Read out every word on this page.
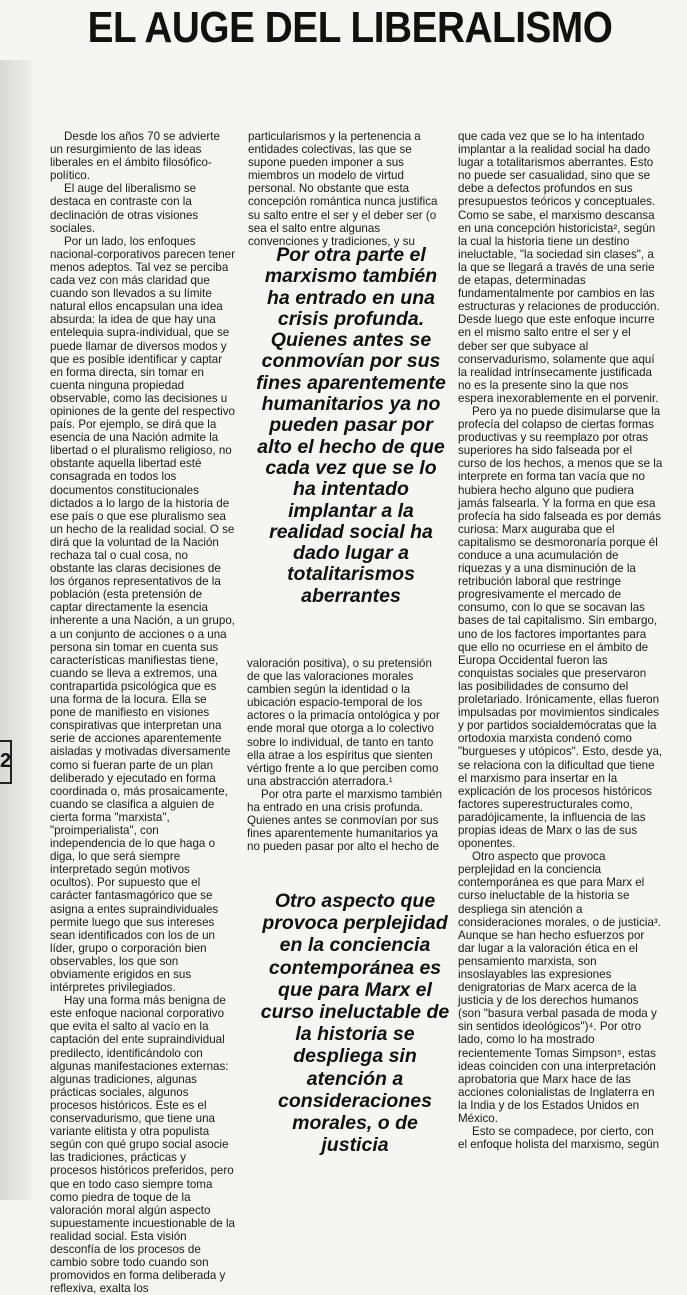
EL AUGE DEL LIBERALISMO
2

Desde los años 70 se advierte un resurgimiento de las ideas liberales en el ámbito filosófico-político.

El auge del liberalismo se destaca en contraste con la declinación de otras visiones sociales.

Por un lado, los enfoques nacional-corporativos parecen tener menos adeptos. Tal vez se perciba cada vez con más claridad que cuando son llevados a su límite natural ellos encapsulan una idea absurda: la idea de que hay una entelequia supra-individual, que se puede llamar de diversos modos y que es posible identificar y captar en forma directa, sin tomar en cuenta ninguna propiedad observable, como las decisiones u opiniones de la gente del respectivo país. Por ejemplo, se dirá que la esencia de una Nación admite la libertad o el pluralismo religioso, no obstante aquella libertad esté consagrada en todos los documentos constitucionales dictados a lo largo de la historia de ese país o que ese pluralismo sea un hecho de la realidad social. O se dirá que la voluntad de la Nación rechaza tal o cual cosa, no obstante las claras decisiones de los órganos representativos de la población (esta pretensión de captar directamente la esencia inherente a una Nación, a un grupo, a un conjunto de acciones o a una persona sin tomar en cuenta sus características manifiestas tiene, cuando se lleva a extremos, una contrapartida psicológica que es una forma de la locura. Ella se pone de manifiesto en visiones conspirativas que interpretan una serie de acciones aparentemente aisladas y motivadas diversamente como si fueran parte de un plan deliberado y ejecutado en forma coordinada o, más prosaicamente, cuando se clasifica a alguien de cierta forma "marxista", "proimperialista", con independencia de lo que haga o diga, lo que será siempre interpretado según motivos ocultos). Por supuesto que el carácter fantasmagórico que se asigna a entes supraindividuales permite luego que sus intereses sean identificados con los de un líder, grupo o corporación bien observables, los que son obviamente erigidos en sus intérpretes privilegiados.

Hay una forma más benigna de este enfoque nacional corporativo que evita el salto al vacío en la captación del ente supraindividual predilecto, identificándolo con algunas manifestaciones externas: algunas tradiciones, algunas prácticas sociales, algunos procesos históricos. Este es el conservadurismo, que tiene una variante elitista y otra populista según con qué grupo social asocie las tradiciones, prácticas y procesos históricos preferidos, pero que en todo caso siempre toma como piedra de toque de la valoración moral algún aspecto supuestamente incuestionable de la realidad social. Esta visión desconfía de los procesos de cambio sobre todo cuando son promovidos en forma deliberada y reflexiva, exalta los

particularismos y la pertenencia a entidades colectivas, las que se supone pueden imponer a sus miembros un modelo de virtud personal. No obstante que esta concepción romántica nunca justifica su salto entre el ser y el deber ser (o sea el salto entre algunas convenciones y tradiciones, y su

Por otra parte el marxismo también ha entrado en una crisis profunda. Quienes antes se conmovían por sus fines aparentemente humanitarios ya no pueden pasar por alto el hecho de que cada vez que se lo ha intentado implantar a la realidad social ha dado lugar a totalitarismos aberrantes

valoración positiva), o su pretensión de que las valoraciones morales cambien según la identidad o la ubicación espacio-temporal de los actores o la primacía ontológica y por ende moral que otorga a lo colectivo sobre lo individual, de tanto en tanto ella atrae a los espíritus que sienten vértigo frente a lo que perciben como una abstracción aterradora.¹

Por otra parte el marxismo también ha entrado en una crisis profunda. Quienes antes se conmovían por sus fines aparentemente humanitarios ya no pueden pasar por alto el hecho de

Otro aspecto que provoca perplejidad en la conciencia contemporánea es que para Marx el curso ineluctable de la historia se despliega sin atención a consideraciones morales, o de justicia

que cada vez que se lo ha intentado implantar a la realidad social ha dado lugar a totalitarismos aberrantes. Esto no puede ser casualidad, sino que se debe a defectos profundos en sus presupuestos teóricos y conceptuales. Como se sabe, el marxismo descansa en una concepción historicista², según la cual la historia tiene un destino ineluctable, "la sociedad sin clases", a la que se llegará a través de una serie de etapas, determinadas fundamentalmente por cambios en las estructuras y relaciones de producción. Desde luego que este enfoque incurre en el mismo salto entre el ser y el deber ser que subyace al conservadurismo, solamente que aquí la realidad intrínsecamente justificada no es la presente sino la que nos espera inexorablemente en el porvenir.

Pero ya no puede disimularse que la profecía del colapso de ciertas formas productivas y su reemplazo por otras superiores ha sido falseada por el curso de los hechos, a menos que se la interprete en forma tan vacía que no hubiera hecho alguno que pudiera jamás falsearla. Y la forma en que esa profecía ha sido falseada es por demás curiosa: Marx auguraba que el capitalismo se desmoronaría porque él conduce a una acumulación de riquezas y a una disminución de la retribución laboral que restringe progresivamente el mercado de consumo, con lo que se socavan las bases de tal capitalismo. Sin embargo, uno de los factores importantes para que ello no ocurriese en el ámbito de Europa Occidental fueron las conquistas sociales que preservaron las posibilidades de consumo del proletariado. Irónicamente, ellas fueron impulsadas por movimientos sindicales y por partidos socialdemócratas que la ortodoxia marxista condenó como "burgueses y utópicos". Esto, desde ya, se relaciona con la dificultad que tiene el marxismo para insertar en la explicación de los procesos históricos factores superestructurales como, paradójicamente, la influencia de las propias ideas de Marx o las de sus oponentes.

Otro aspecto que provoca perplejidad en la conciencia contemporánea es que para Marx el curso ineluctable de la historia se despliega sin atención a consideraciones morales, o de justicia³. Aunque se han hecho esfuerzos por dar lugar a la valoración ética en el pensamiento marxista, son insoslayables las expresiones denigratorias de Marx acerca de la justicia y de los derechos humanos (son "basura verbal pasada de moda y sin sentidos ideológicos")⁴. Por otro lado, como lo ha mostrado recientemente Tomas Simpson⁵, estas ideas coinciden con una interpretación aprobatoria que Marx hace de las acciones colonialistas de Inglaterra en la India y de los Estados Unidos en México.

Esto se compadece, por cierto, con el enfoque holista del marxismo, según
